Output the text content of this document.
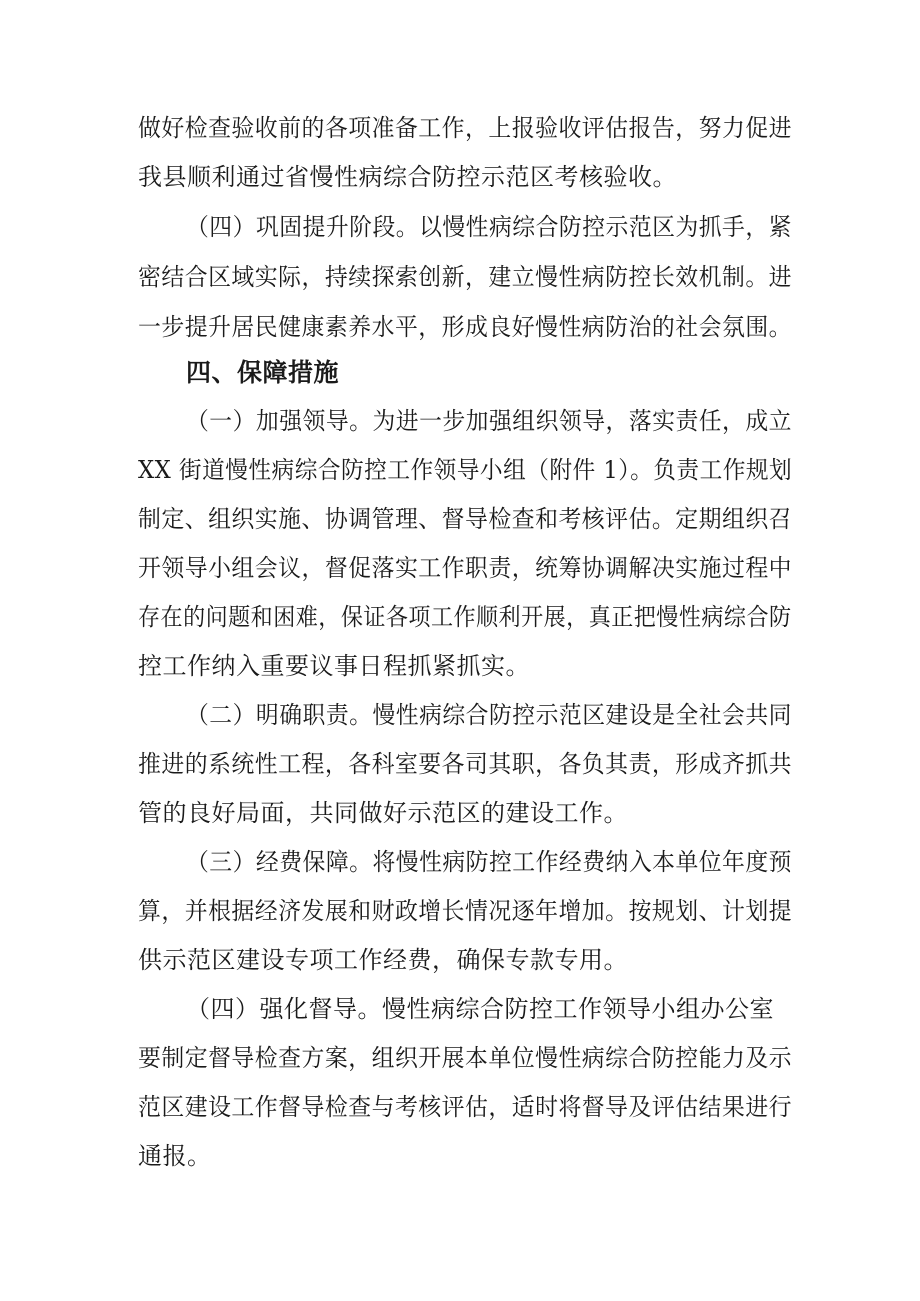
做好检查验收前的各项准备工作，上报验收评估报告，努力促进
我县顺利通过省慢性病综合防控示范区考核验收。
（四）巩固提升阶段。以慢性病综合防控示范区为抓手，紧
密结合区域实际，持续探索创新，建立慢性病防控长效机制。进
一步提升居民健康素养水平，形成良好慢性病防治的社会氛围。
四、保障措施
（一）加强领导。为进一步加强组织领导，落实责任，成立
XX 街道慢性病综合防控工作领导小组（附件 1）。负责工作规划
制定、组织实施、协调管理、督导检查和考核评估。定期组织召
开领导小组会议，督促落实工作职责，统筹协调解决实施过程中
存在的问题和困难，保证各项工作顺利开展，真正把慢性病综合防
控工作纳入重要议事日程抓紧抓实。
（二）明确职责。慢性病综合防控示范区建设是全社会共同
推进的系统性工程，各科室要各司其职，各负其责，形成齐抓共
管的良好局面，共同做好示范区的建设工作。
（三）经费保障。将慢性病防控工作经费纳入本单位年度预
算，并根据经济发展和财政增长情况逐年增加。按规划、计划提
供示范区建设专项工作经费，确保专款专用。
（四）强化督导。慢性病综合防控工作领导小组办公室
要制定督导检查方案，组织开展本单位慢性病综合防控能力及示
范区建设工作督导检查与考核评估，适时将督导及评估结果进行
通报。
